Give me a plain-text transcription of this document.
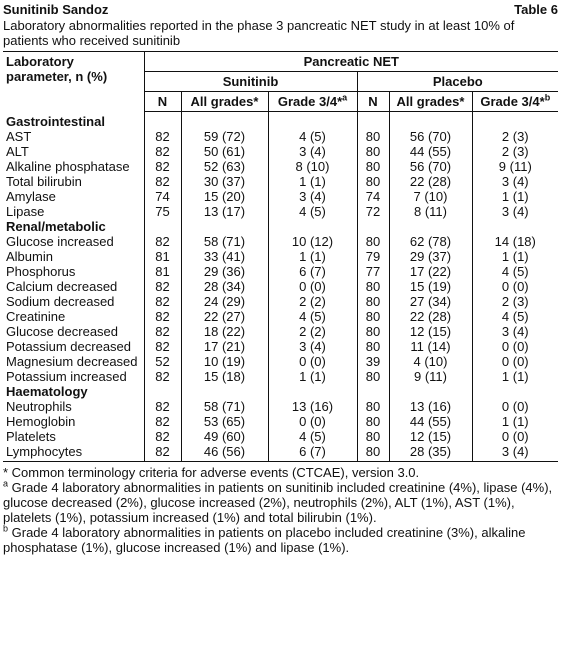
Sunitinib Sandoz	Table 6
Laboratory abnormalities reported in the phase 3 pancreatic NET study in at least 10% of patients who received sunitinib
Laboratory
parameter, n (%)	Pancreatic NET					
	Sunitinib			Placebo		
	N	All grades*	Grade 3/4*$^a$	N	All grades*	Grade 3/4*$^b$
Gastrointestinal						
AST	82	59 (72)	4 (5)	80	56 (70)	2 (3)
ALT	82	50 (61)	3 (4)	80	44 (55)	2 (3)
Alkaline phosphatase	82	52 (63)	8 (10)	80	56 (70)	9 (11)
Total bilirubin	82	30 (37)	1 (1)	80	22 (28)	3 (4)
Amylase	74	15 (20)	3 (4)	74	7 (10)	1 (1)
Lipase	75	13 (17)	4 (5)	72	8 (11)	3 (4)
Renal/metabolic						
Glucose increased	82	58 (71)	10 (12)	80	62 (78)	14 (18)
Albumin	81	33 (41)	1 (1)	79	29 (37)	1 (1)
Phosphorus	81	29 (36)	6 (7)	77	17 (22)	4 (5)
Calcium decreased	82	28 (34)	0 (0)	80	15 (19)	0 (0)
Sodium decreased	82	24 (29)	2 (2)	80	27 (34)	2 (3)
Creatinine	82	22 (27)	4 (5)	80	22 (28)	4 (5)
Glucose decreased	82	18 (22)	2 (2)	80	12 (15)	3 (4)
Potassium decreased	82	17 (21)	3 (4)	80	11 (14)	0 (0)
Magnesium decreased	52	10 (19)	0 (0)	39	4 (10)	0 (0)
Potassium increased	82	15 (18)	1 (1)	80	9 (11)	1 (1)
Haematology						
Neutrophils	82	58 (71)	13 (16)	80	13 (16)	0 (0)
Hemoglobin	82	53 (65)	0 (0)	80	44 (55)	1 (1)
Platelets	82	49 (60)	4 (5)	80	12 (15)	0 (0)
Lymphocytes	82	46 (56)	6 (7)	80	28 (35)	3 (4)

* Common terminology criteria for adverse events (CTCAE), version 3.0.

$^a$ Grade 4 laboratory abnormalities in patients on sunitinib included creatinine (4%), lipase (4%), glucose decreased (2%), glucose increased (2%), neutrophils (2%), ALT (1%), AST (1%), platelets (1%), potassium increased (1%) and total bilirubin (1%).

$^b$ Grade 4 laboratory abnormalities in patients on placebo included creatinine (3%), alkaline phosphatase (1%), glucose increased (1%) and lipase (1%).
